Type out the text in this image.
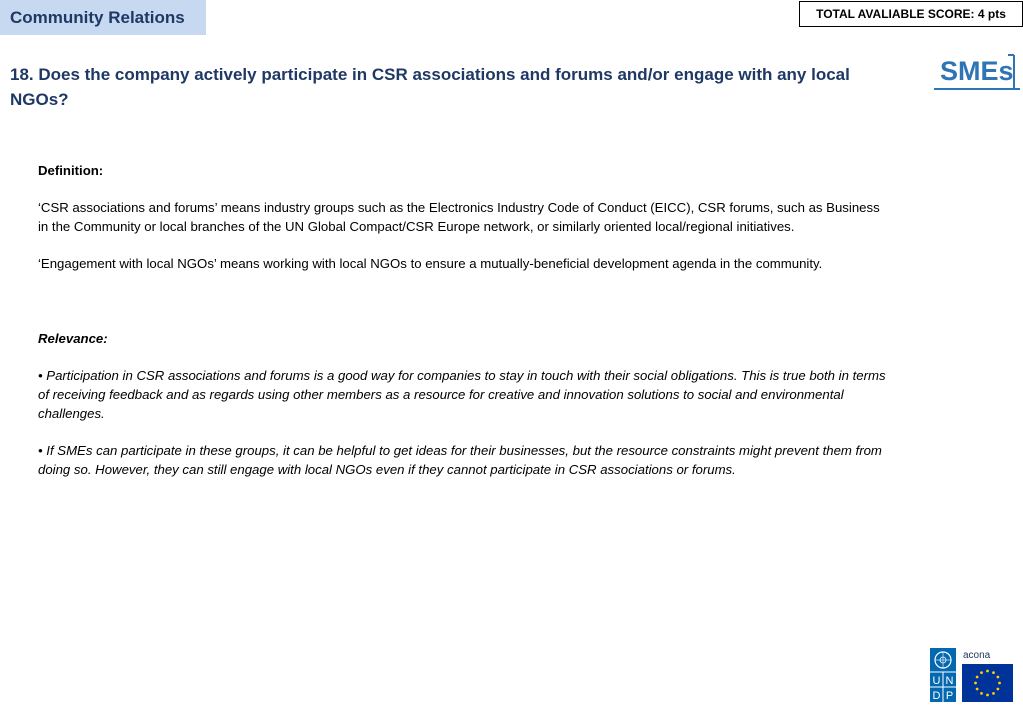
Community Relations	TOTAL AVALIABLE SCORE: 4 pts
SMEs
18. Does the company actively participate in CSR associations and forums and/or engage with any local NGOs?

Definition:

‘CSR associations and forums’ means industry groups such as the Electronics Industry Code of Conduct (EICC), CSR forums, such as Business in the Community or local branches of the UN Global Compact/CSR Europe network, or similarly oriented local/regional initiatives.

‘Engagement with local NGOs’ means working with local NGOs to ensure a mutually-beneficial development agenda in the community.

Relevance:

• Participation in CSR associations and forums is a good way for companies to stay in touch with their social obligations. This is true both in terms of receiving feedback and as regards using other members as a resource for creative and innovation solutions to social and environmental challenges.

• If SMEs can participate in these groups, it can be helpful to get ideas for their businesses, but the resource constraints might prevent them from doing so. However, they can still engage with local NGOs even if they cannot participate in CSR associations or forums.

U N
D P
acona
